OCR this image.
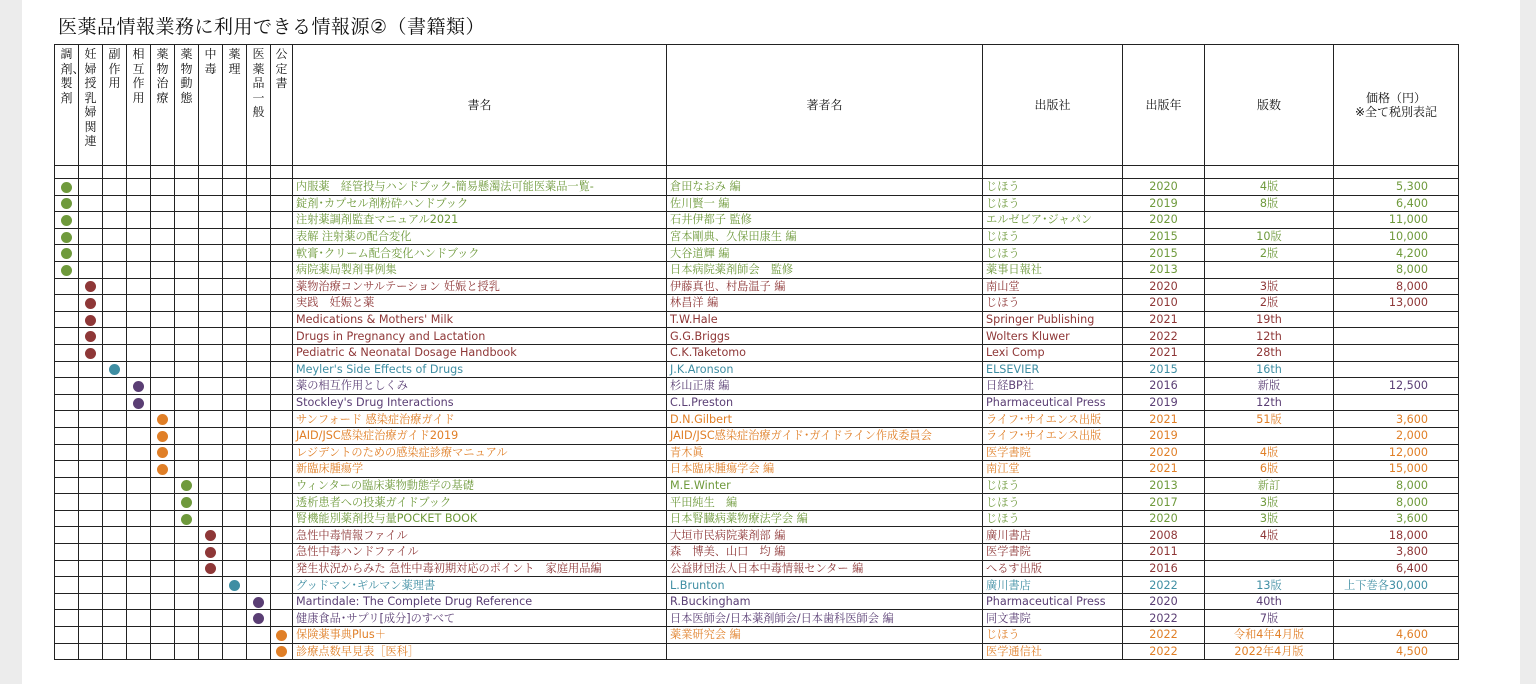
医薬品情報業務に利用できる情報源②（書籍類）
調剤、製剤	妊婦授乳婦関連	副作用	相互作用	薬物治療	薬物動態	中毒	薬理	医薬品一般	公定書	書名	著者名	出版社	出版年	版数	価格（円）
※全て税別表記

										内服薬　経管投与ハンドブック-簡易懸濁法可能医薬品一覧-	倉田なおみ 編	じほう	2020	4版	5,300
										錠剤･カプセル剤粉砕ハンドブック	佐川賢一 編	じほう	2019	8版	6,400
										注射薬調剤監査マニュアル2021	石井伊都子 監修	エルゼビア･ジャパン	2020		11,000
										表解 注射薬の配合変化	宮本剛典、久保田康生 編	じほう	2015	10版	10,000
										軟膏･クリーム配合変化ハンドブック	大谷道輝 編	じほう	2015	2版	4,200
										病院薬局製剤事例集	日本病院薬剤師会　監修	薬事日報社	2013		8,000
										薬物治療コンサルテーション 妊娠と授乳	伊藤真也、村島温子 編	南山堂	2020	3版	8,000
										実践　妊娠と薬	林昌洋 編	じほう	2010	2版	13,000
										Medications & Mothers' Milk	T.W.Hale	Springer Publishing	2021	19th	
										Drugs in Pregnancy and Lactation	G.G.Briggs	Wolters Kluwer	2022	12th	
										Pediatric & Neonatal Dosage Handbook	C.K.Taketomo	Lexi Comp	2021	28th	
										Meyler's Side Effects of Drugs	J.K.Aronson	ELSEVIER	2015	16th	
										薬の相互作用としくみ	杉山正康 編	日経BP社	2016	新版	12,500
										Stockley's Drug Interactions	C.L.Preston	Pharmaceutical Press	2019	12th	
										サンフォード 感染症治療ガイド	D.N.Gilbert	ライフ･サイエンス出版	2021	51版	3,600
										JAID/JSC感染症治療ガイド2019	JAID/JSC感染症治療ガイド･ガイドライン作成委員会	ライフ･サイエンス出版	2019		2,000
										レジデントのための感染症診療マニュアル	青木眞	医学書院	2020	4版	12,000
										新臨床腫瘍学	日本臨床腫瘍学会 編	南江堂	2021	6版	15,000
										ウィンターの臨床薬物動態学の基礎	M.E.Winter	じほう	2013	新訂	8,000
										透析患者への投薬ガイドブック	平田純生　編	じほう	2017	3版	8,000
										腎機能別薬剤投与量POCKET BOOK	日本腎臓病薬物療法学会 編	じほう	2020	3版	3,600
										急性中毒情報ファイル	大垣市民病院薬剤部 編	廣川書店	2008	4版	18,000
										急性中毒ハンドファイル	森　博美、山口　均 編	医学書院	2011		3,800
										発生状況からみた 急性中毒初期対応のポイント　家庭用品編	公益財団法人日本中毒情報センター 編	へるす出版	2016		6,400
										グッドマン･ギルマン薬理書	L.Brunton	廣川書店	2022	13版	上下巻各30,000
										Martindale: The Complete Drug Reference	R.Buckingham	Pharmaceutical Press	2020	40th	
										健康食品･サプリ[成分]のすべて	日本医師会/日本薬剤師会/日本歯科医師会 編	同文書院	2022	7版	
										保険薬事典Plus＋	薬業研究会 編	じほう	2022	令和4年4月版	4,600
										診療点数早見表［医科］		医学通信社	2022	2022年4月版	4,500
